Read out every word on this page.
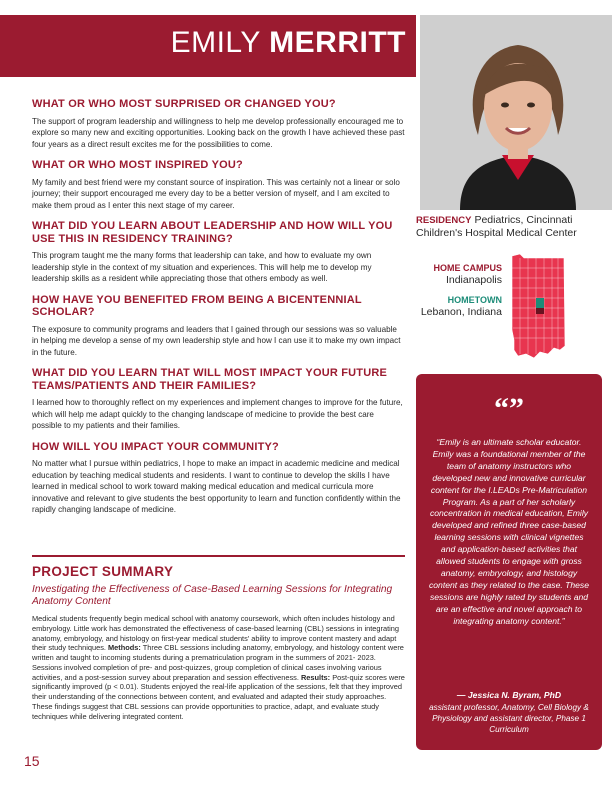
EMILY MERRITT

WHAT OR WHO MOST SURPRISED OR CHANGED YOU?

The support of program leadership and willingness to help me develop professionally encouraged me to explore so many new and exciting opportunities. Looking back on the growth I have achieved these past four years as a direct result excites me for the possibilities to come.

WHAT OR WHO MOST INSPIRED YOU?

My family and best friend were my constant source of inspiration. This was certainly not a linear or solo journey; their support encouraged me every day to be a better version of myself, and I am excited to make them proud as I enter this next stage of my career.

WHAT DID YOU LEARN ABOUT LEADERSHIP AND HOW WILL YOU USE THIS IN RESIDENCY TRAINING?

This program taught me the many forms that leadership can take, and how to evaluate my own leadership style in the context of my situation and experiences. This will help me to develop my leadership skills as a resident while appreciating those that others embody as well.

HOW HAVE YOU BENEFITED FROM BEING A BICENTENNIAL SCHOLAR?

The exposure to community programs and leaders that I gained through our sessions was so valuable in helping me develop a sense of my own leadership style and how I can use it to make my own impact in the future.

WHAT DID YOU LEARN THAT WILL MOST IMPACT YOUR FUTURE TEAMS/PATIENTS AND THEIR FAMILIES?

I learned how to thoroughly reflect on my experiences and implement changes to improve for the future, which will help me adapt quickly to the changing landscape of medicine to provide the best care possible to my patients and their families.

HOW WILL YOU IMPACT YOUR COMMUNITY?

No matter what I pursue within pediatrics, I hope to make an impact in academic medicine and medical education by teaching medical students and residents. I want to continue to develop the skills I have learned in medical school to work toward making medical education and medical curricula more innovative and relevant to give students the best opportunity to learn and function confidently within the rapidly changing landscape of medicine.

PROJECT SUMMARY
Investigating the Effectiveness of Case-Based Learning Sessions for Integrating Anatomy Content
Medical students frequently begin medical school with anatomy coursework, which often includes histology and embryology. Little work has demonstrated the effectiveness of case-based learning (CBL) sessions in integrating anatomy, embryology, and histology on first-year medical students' ability to improve content mastery and adapt their study techniques. Methods: Three CBL sessions including anatomy, embryology, and histology content were written and taught to incoming students during a prematriculation program in the summers of 2021- 2023. Sessions involved completion of pre- and post-quizzes, group completion of clinical cases involving various activities, and a post-session survey about preparation and session effectiveness. Results: Post-quiz scores were significantly improved (p < 0.01). Students enjoyed the real-life application of the sessions, felt that they improved their understanding of the connections between content, and evaluated and adapted their study approaches. These findings suggest that CBL sessions can provide opportunities to practice, adapt, and evaluate study techniques while delivering integrated content.
15
RESIDENCY Pediatrics, Cincinnati Children's Hospital Medical Center
HOME CAMPUS
Indianapolis
HOMETOWN
Lebanon, Indiana
“”
“Emily is an ultimate scholar educator. Emily was a foundational member of the team of anatomy instructors who developed new and innovative curricular content for the I.LEADs Pre-Matriculation Program. As a part of her scholarly concentration in medical education, Emily developed and refined three case-based learning sessions with clinical vignettes and application-based activities that allowed students to engage with gross anatomy, embryology, and histology content as they related to the case. These sessions are highly rated by students and are an effective and novel approach to integrating anatomy content.”
— Jessica N. Byram, PhD
assistant professor, Anatomy, Cell Biology & Physiology and assistant director, Phase 1 Curriculum
